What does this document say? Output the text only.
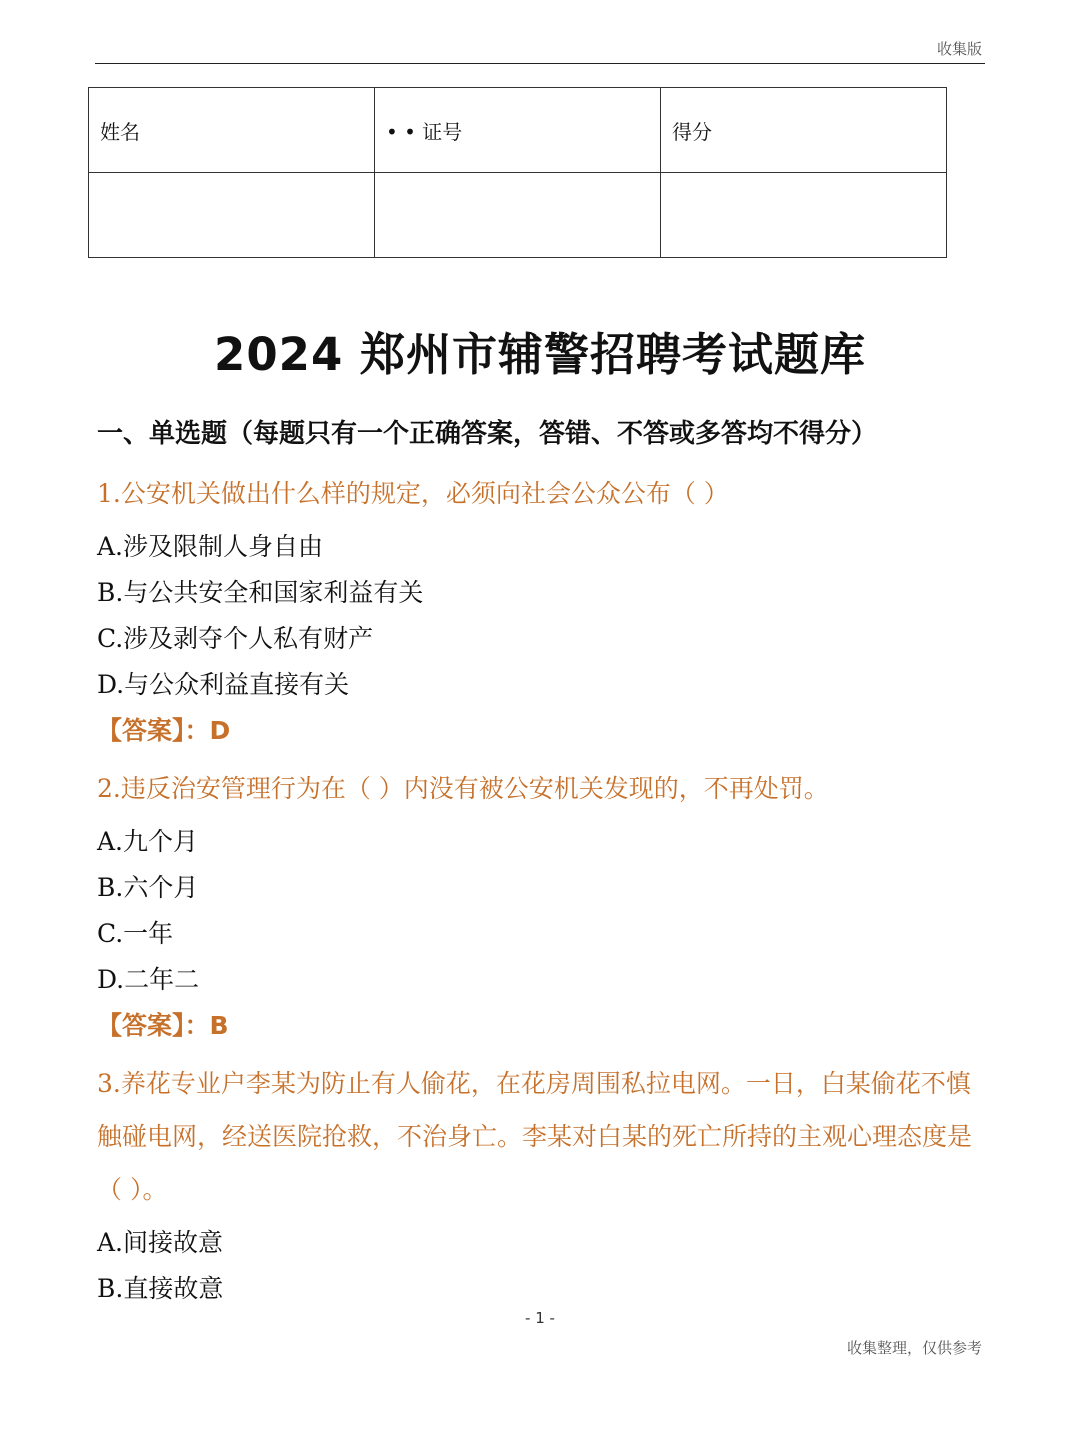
收集版
姓名	• • 证号	得分

2024 郑州市辅警招聘考试题库
一、单选题（每题只有一个正确答案，答错、不答或多答均不得分）
1.公安机关做出什么样的规定，必须向社会公众公布（ ）
A.涉及限制人身自由
B.与公共安全和国家利益有关
C.涉及剥夺个人私有财产
D.与公众利益直接有关
【答案】：D
2.违反治安管理行为在（ ）内没有被公安机关发现的，不再处罚。
A.九个月
B.六个月
C.一年
D.二年二
【答案】：B
3.养花专业户李某为防止有人偷花，在花房周围私拉电网。一日，白某偷花不慎触碰电网，经送医院抢救，不治身亡。李某对白某的死亡所持的主观心理态度是（ ）。
A.间接故意
B.直接故意
- 1 -
收集整理，仅供参考
